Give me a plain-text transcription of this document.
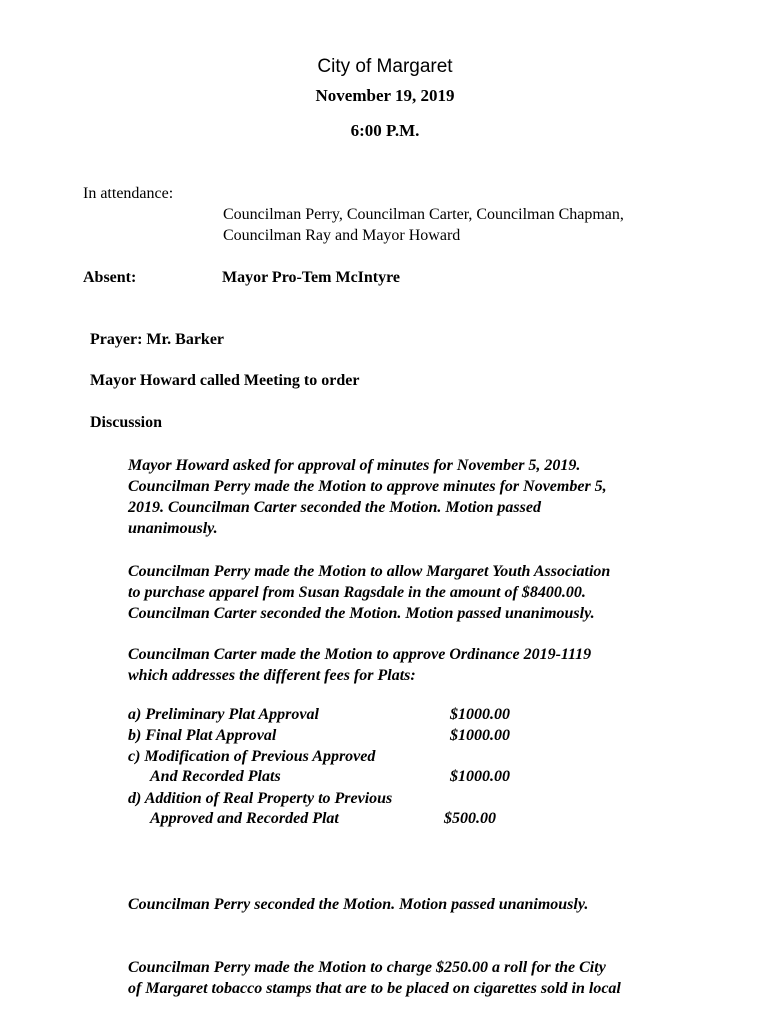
City of Margaret
November 19, 2019
6:00 P.M.
In attendance:
Councilman Perry, Councilman Carter, Councilman Chapman,
Councilman Ray and Mayor Howard
Absent:	Mayor Pro-Tem McIntyre
Prayer: Mr. Barker
Mayor Howard called Meeting to order
Discussion
Mayor Howard asked for approval of minutes for November 5, 2019.
Councilman Perry made the Motion to approve minutes for November 5,
2019. Councilman Carter seconded the Motion. Motion passed
unanimously.
Councilman Perry made the Motion to allow Margaret Youth Association
to purchase apparel from Susan Ragsdale in the amount of $8400.00.
Councilman Carter seconded the Motion. Motion passed unanimously.
Councilman Carter made the Motion to approve Ordinance 2019-1119
which addresses the different fees for Plats:
a) Preliminary Plat Approval	$1000.00
b) Final Plat Approval	$1000.00
c) Modification of Previous Approved
And Recorded Plats	$1000.00
d) Addition of Real Property to Previous
Approved and Recorded Plat	$500.00
Councilman Perry seconded the Motion. Motion passed unanimously.
Councilman Perry made the Motion to charge $250.00 a roll for the City
of Margaret tobacco stamps that are to be placed on cigarettes sold in local
